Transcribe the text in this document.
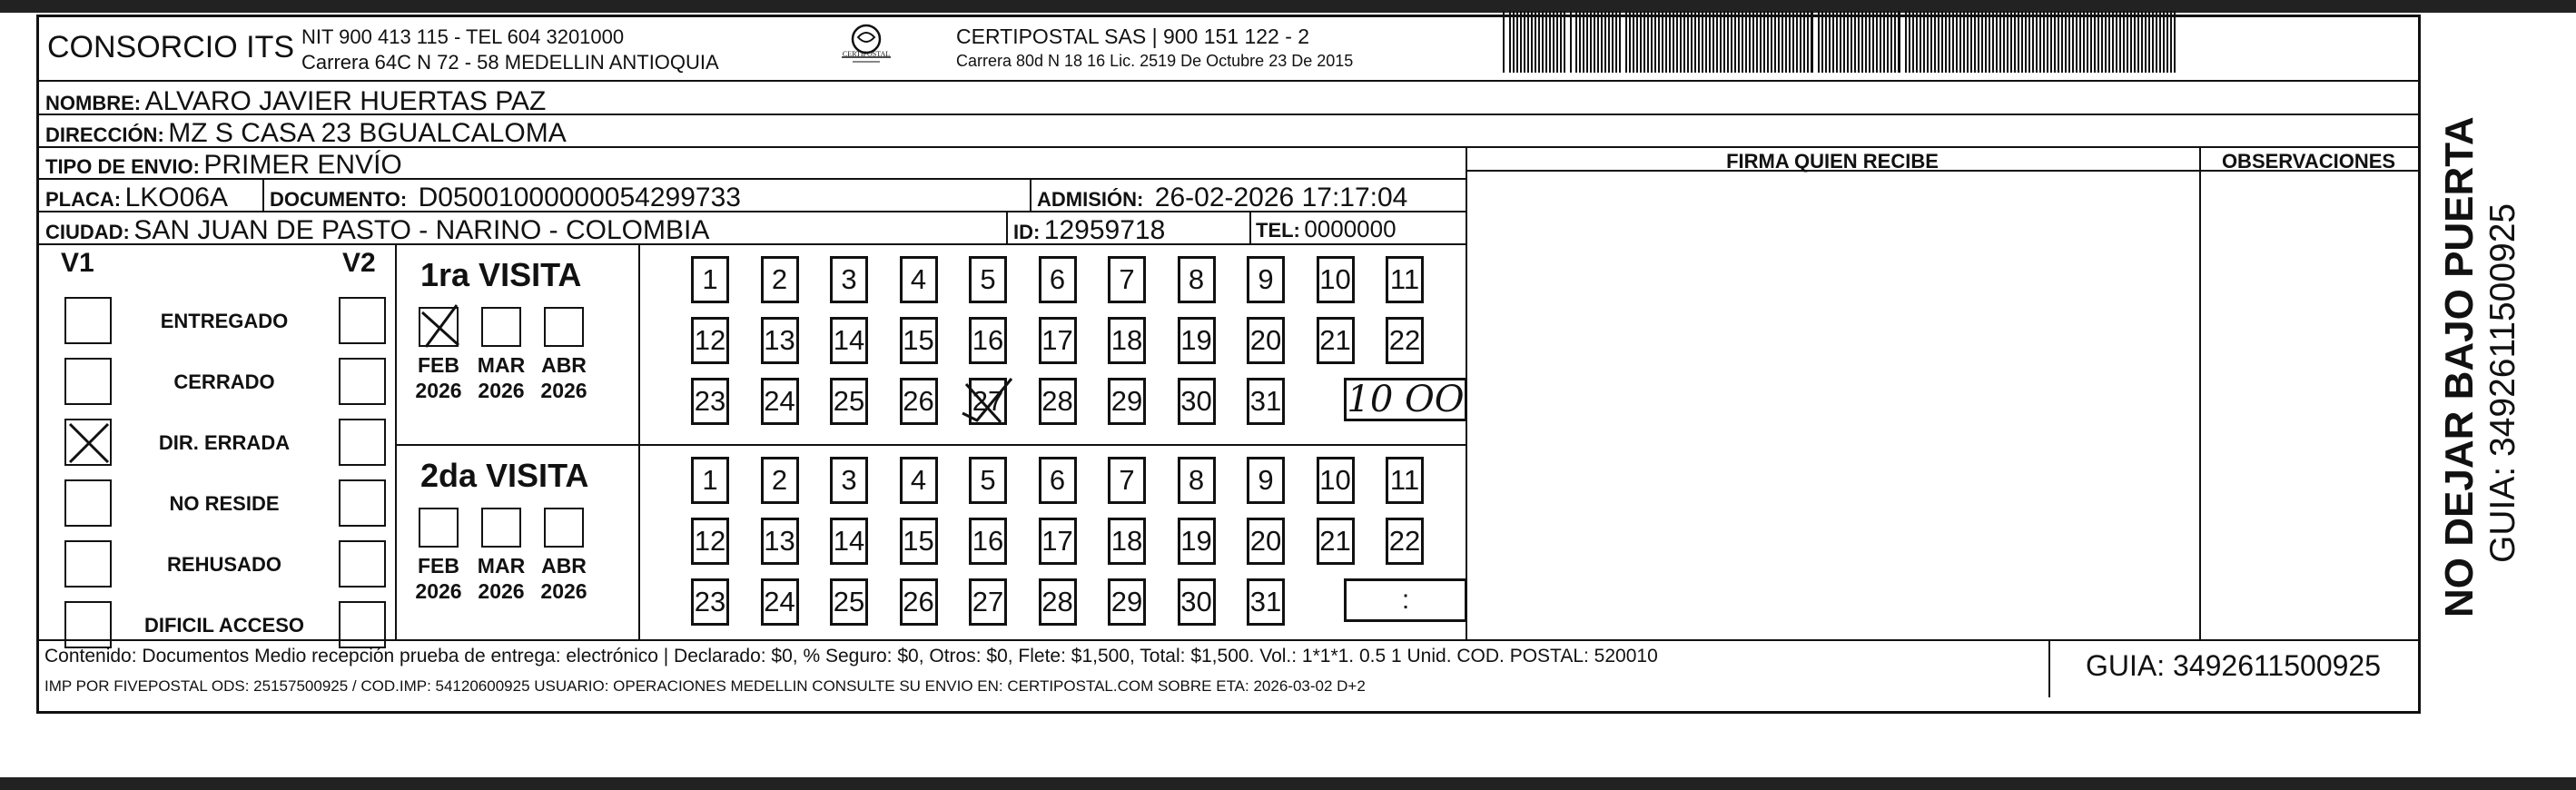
CONSORCIO ITS NIT 900 413 115 - TEL 604 3201000
Carrera 64C N 72 - 58 MEDELLIN ANTIOQUIA	CERTIPOSTAL
CERTIPOSTAL SAS | 900 151 122 - 2
Carrera 80d N 18 16 Lic. 2519 De Octubre 23 De 2015
NOMBRE: ALVARO JAVIER HUERTAS PAZ
DIRECCIÓN: MZ S CASA 23 BGUALCALOMA
TIPO DE ENVIO: PRIMER ENVÍO
PLACA: LKO06A DOCUMENTO: D05001000000054299733	ADMISIÓN: 26-02-2026 17:17:04
CIUDAD: SAN JUAN DE PASTO - NARINO - COLOMBIA	ID: 12959718	TEL: 0000000
FIRMA QUIEN RECIBE	OBSERVACIONES
V1	V2
ENTREGADO
CERRADO
DIR. ERRADA
NO RESIDE
REHUSADO
DIFICIL ACCESO
1ra VISITA
FEB
2026
MAR
2026
ABR
2026
1	2	3	4	5	6	7	8	9	10 11
12 13 14 15 16 17 18 19 20 21 22
23 24 25 26 27 28 29 30 31 10 OO
2da VISITA
FEB
2026
MAR
2026
ABR
2026
1	2	3	4	5	6	7	8	9	10 11
12 13 14 15 16 17 18 19 20 21 22
23 24 25 26 27 28 29 30 31	:
Contenido: Documentos Medio recepción prueba de entrega: electrónico | Declarado: $0, % Seguro: $0, Otros: $0, Flete: $1,500, Total: $1,500. Vol.: 1*1*1. 0.5 1 Unid. COD. POSTAL: 520010
IMP POR FIVEPOSTAL ODS: 25157500925 / COD.IMP: 54120600925 USUARIO: OPERACIONES MEDELLIN CONSULTE SU ENVIO EN: CERTIPOSTAL.COM SOBRE ETA: 2026-03-02 D+2
GUIA: 3492611500925
NO DEJAR BAJO PUERTA GUIA: 3492611500925
